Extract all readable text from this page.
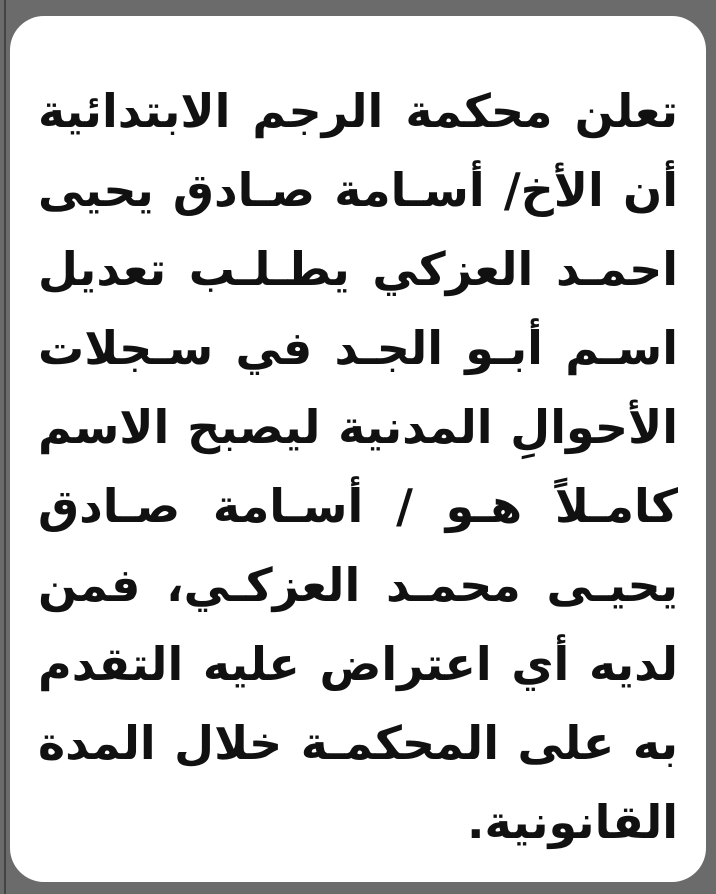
تعلن محكمة الرجم الابتدائية
أن الأخ/ أسـامة صـادق يحيى
احمـد العزكي يطـلـب تعديل
اسـم أبـو الجـد في سـجلات
الأحوالِ المدنية ليصبح الاسم
كامـلاً هـو / أسـامة صـادق
يحيـى محمـد العزكـي، فمن
لديه أي اعتراض عليه التقدم
به على المحكمـة خلال المدة
القانونية.
